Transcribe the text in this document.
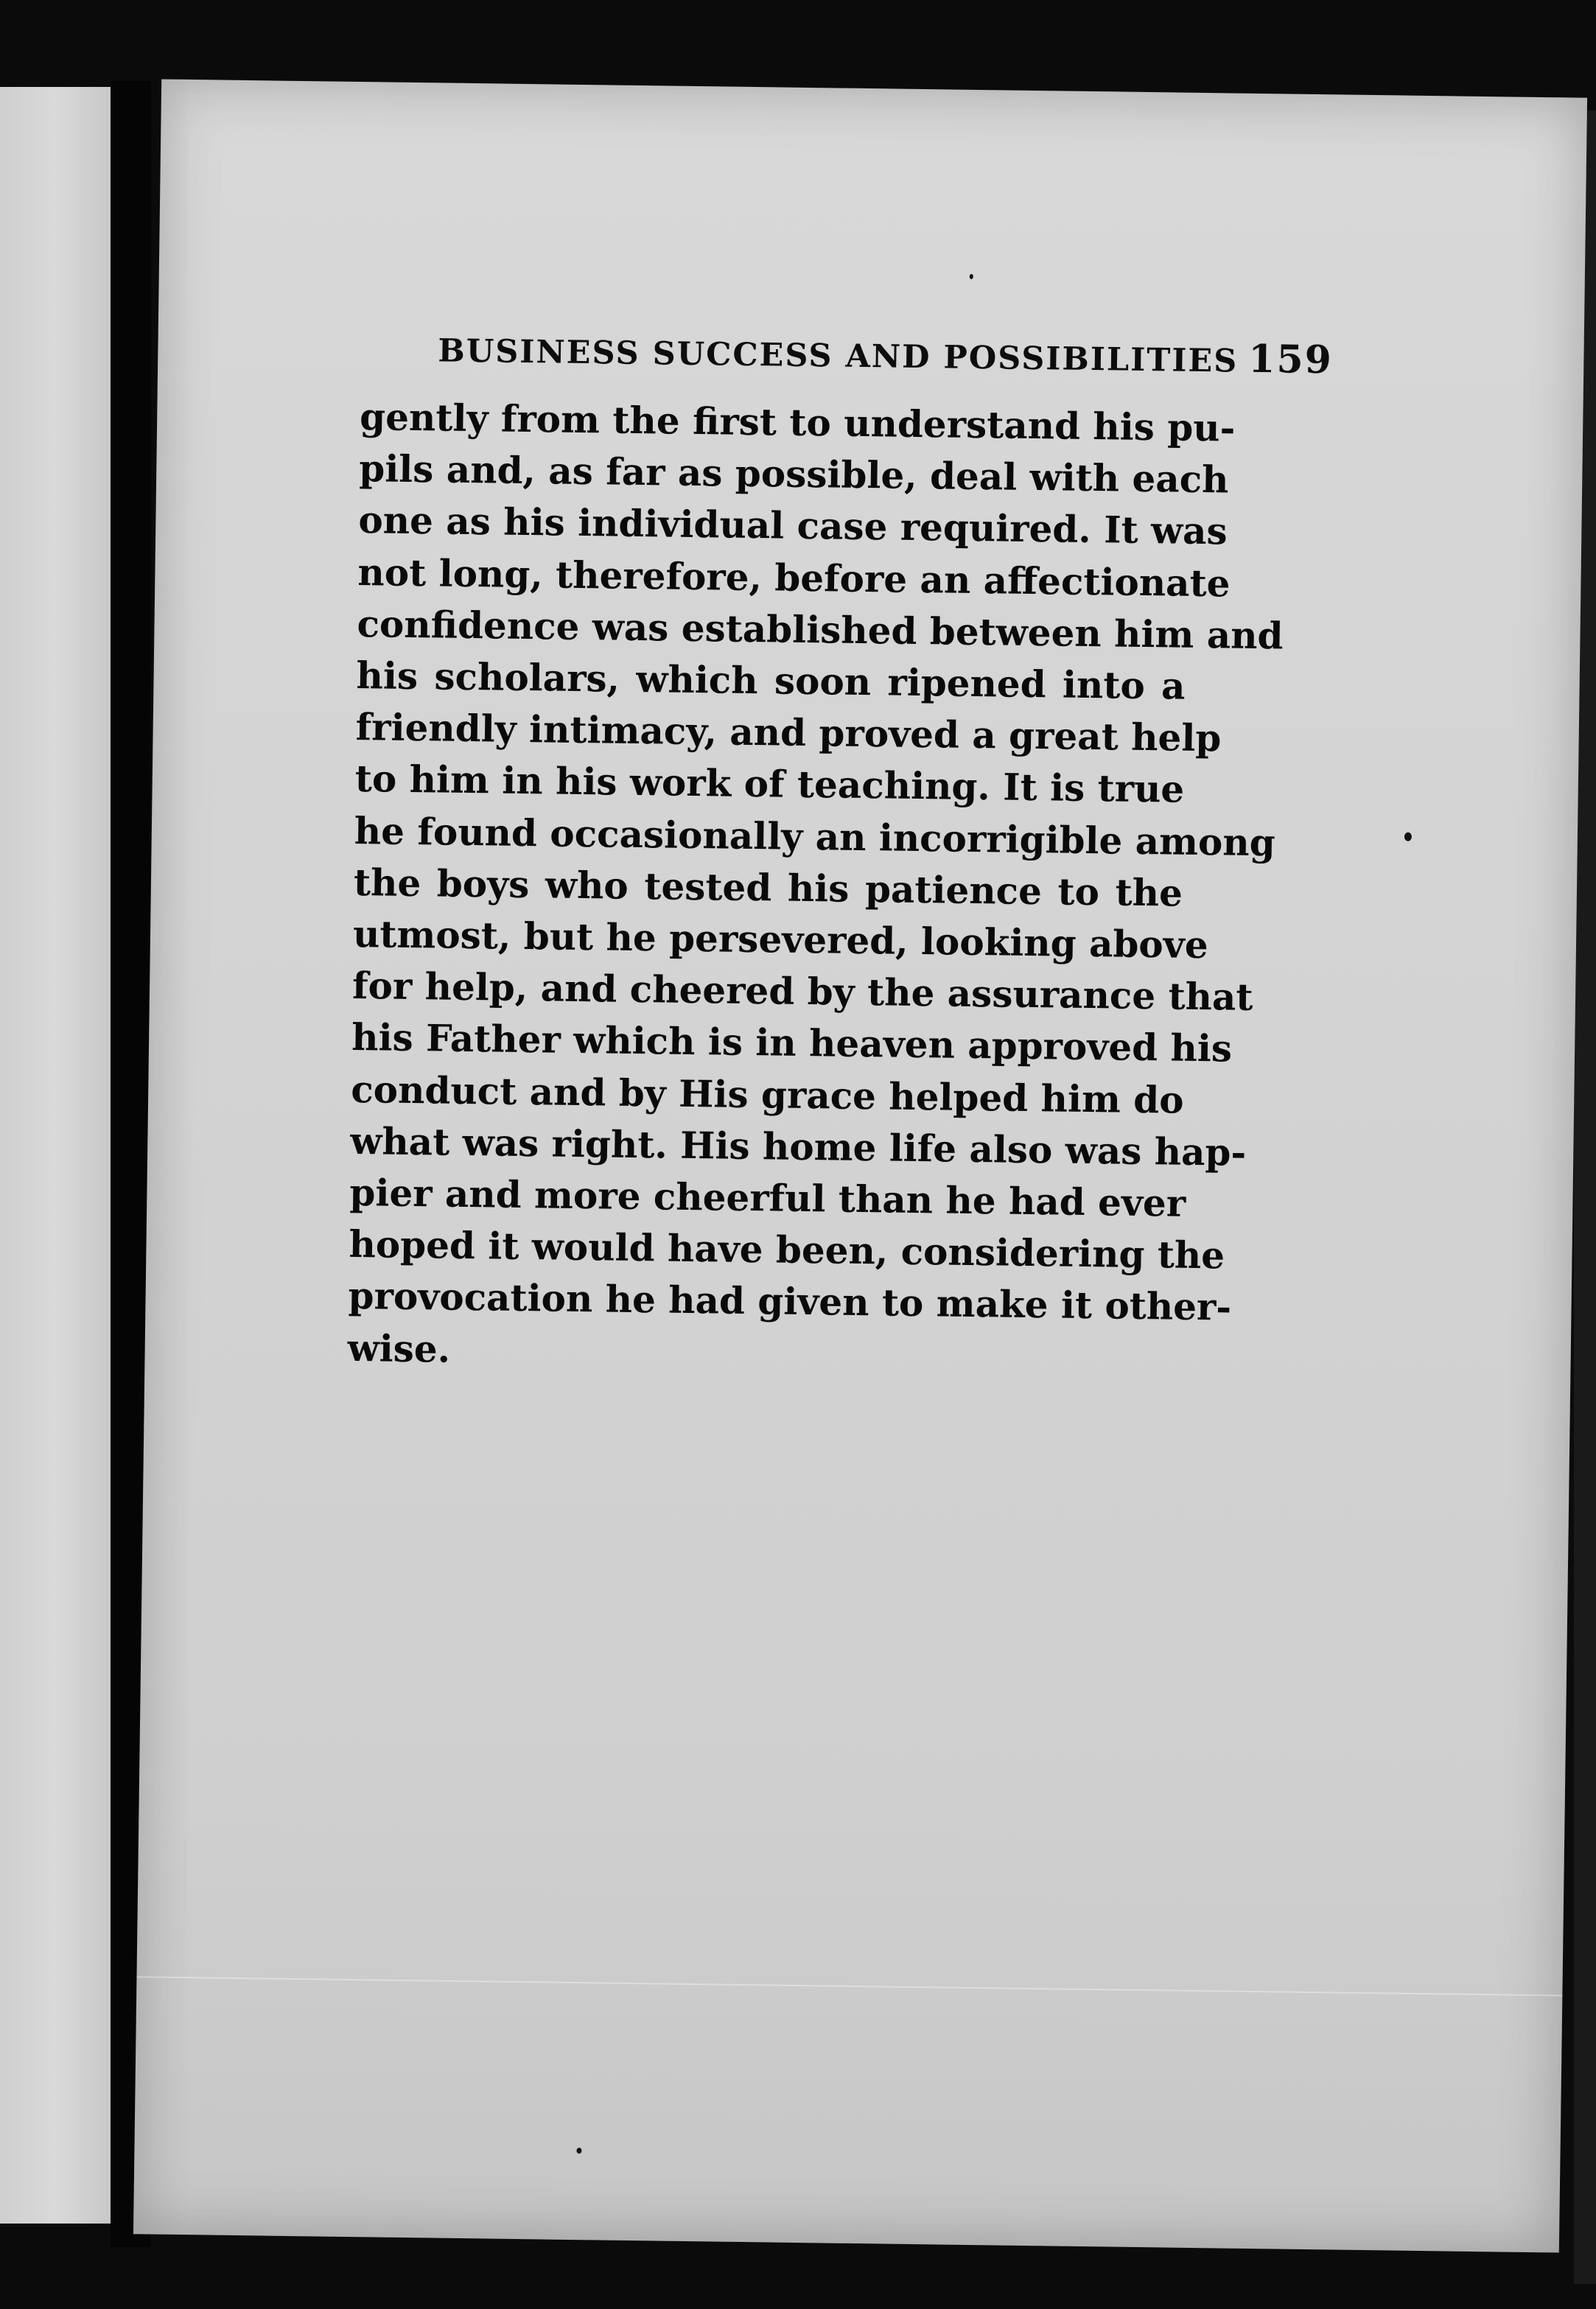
BUSINESS SUCCESS AND POSSIBILITIES 159
gently from the first to understand his pu-
pils and, as far as possible, deal with each
one as his individual case required. It was
not long, therefore, before an affectionate
confidence was established between him and
his scholars, which soon ripened into a
friendly intimacy, and proved a great help
to him in his work of teaching. It is true
he found occasionally an incorrigible among
the boys who tested his patience to the
utmost, but he persevered, looking above
for help, and cheered by the assurance that
his Father which is in heaven approved his
conduct and by His grace helped him do
what was right. His home life also was hap-
pier and more cheerful than he had ever
hoped it would have been, considering the
provocation he had given to make it other-
wise.
